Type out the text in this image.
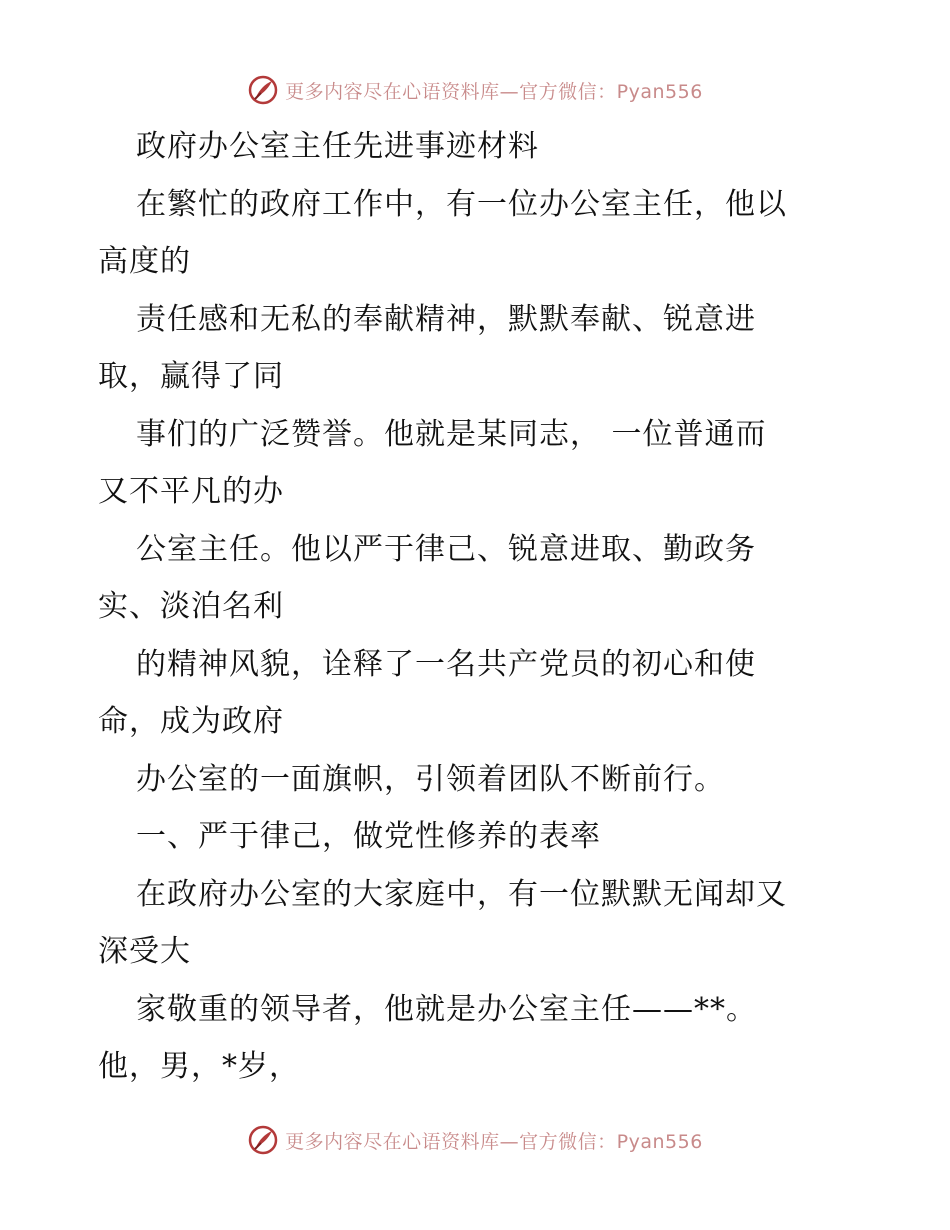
更多内容尽在心语资料库—官方微信：Pyan556
政府办公室主任先进事迹材料
在繁忙的政府工作中，有一位办公室主任，他以
高度的
责任感和无私的奉献精神，默默奉献、锐意进
取，赢得了同
事们的广泛赞誉。他就是某同志， 一位普通而
又不平凡的办
公室主任。他以严于律己、锐意进取、勤政务
实、淡泊名利
的精神风貌，诠释了一名共产党员的初心和使
命，成为政府
办公室的一面旗帜，引领着团队不断前行。
一、严于律己，做党性修养的表率
在政府办公室的大家庭中，有一位默默无闻却又
深受大
家敬重的领导者，他就是办公室主任——**。
他，男，*岁，
更多内容尽在心语资料库—官方微信：Pyan556
